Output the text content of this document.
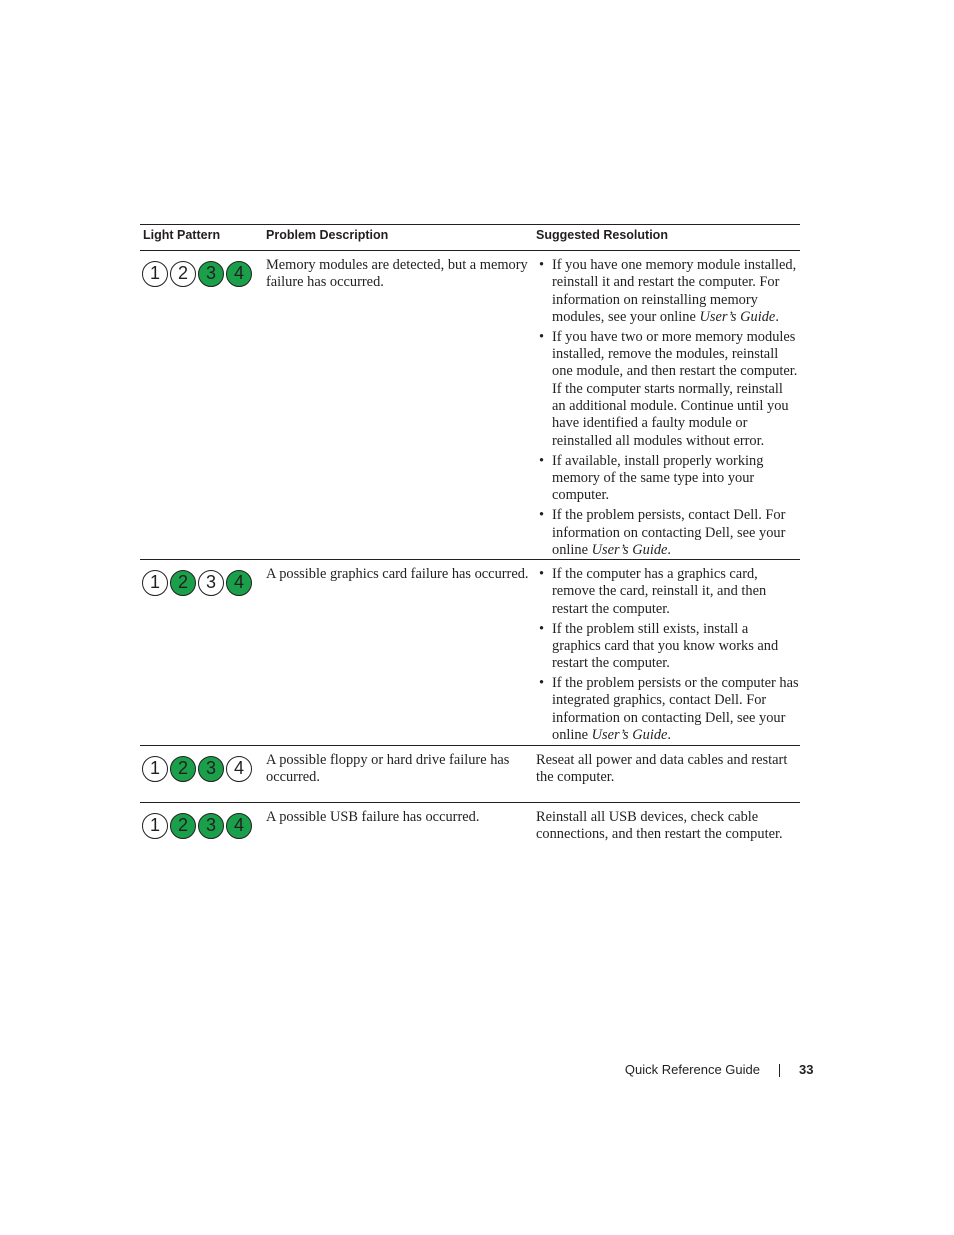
Light Pattern	Problem Description	Suggested Resolution
1 2 3 4	Memory modules are detected, but a memory failure has occurred.
• If you have one memory module installed, reinstall it and restart the computer. For information on reinstalling memory modules, see your online User’s Guide.
• If you have two or more memory modules installed, remove the modules, reinstall one module, and then restart the computer. If the computer starts normally, reinstall an additional module. Continue until you have identified a faulty module or reinstalled all modules without error.
• If available, install properly working memory of the same type into your computer.
• If the problem persists, contact Dell. For information on contacting Dell, see your online User’s Guide.
1 2 3 4	A possible graphics card failure has occurred.
•	If the computer has a graphics card, remove the card, reinstall it, and then restart the computer.
• If the problem still exists, install a graphics card that you know works and restart the computer.
• If the problem persists or the computer has integrated graphics, contact Dell. For information on contacting Dell, see your online User’s Guide.
1 2 3 4	A possible floppy or hard drive failure has occurred.
Reseat all power and data cables and restart the computer.
1 2 3 4	A possible USB failure has occurred.	Reinstall all USB devices, check cable connections, and then restart the computer.
Quick Reference Guide	33
